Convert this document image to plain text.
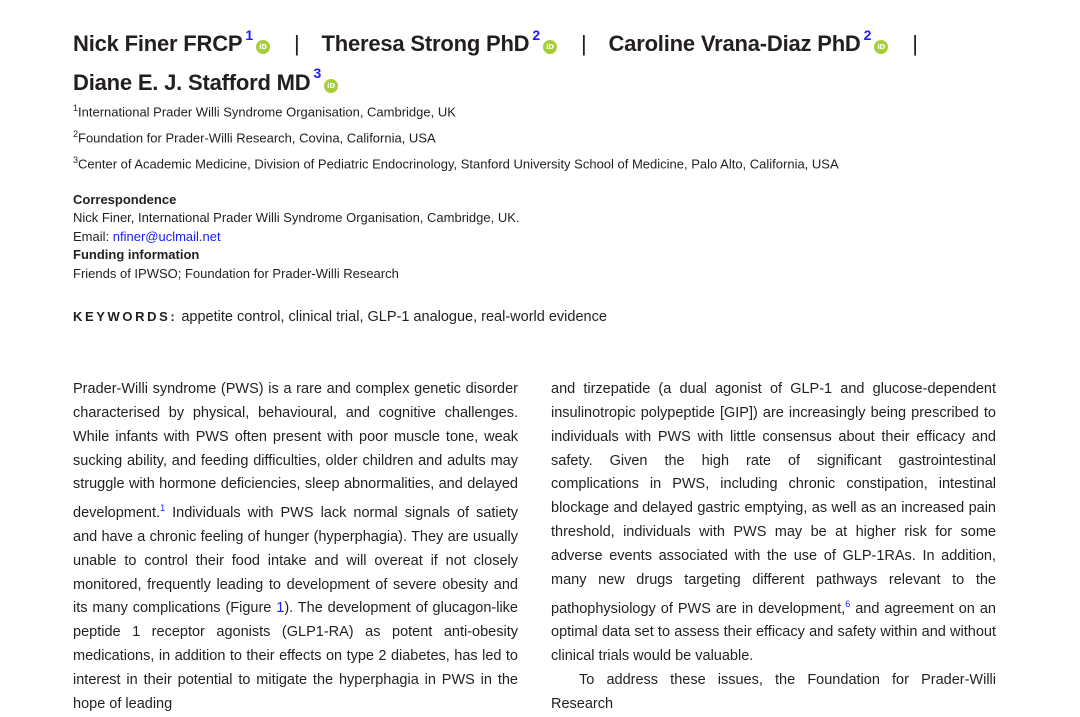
Nick Finer FRCP $^1$iD | Theresa Strong PhD $^2$iD | Caroline Vrana-Diaz PhD $^2$iD |
Diane E. J. Stafford MD $^3$iD
$^1$International Prader Willi Syndrome Organisation, Cambridge, UK
$^2$Foundation for Prader-Willi Research, Covina, California, USA
$^3$Center of Academic Medicine, Division of Pediatric Endocrinology, Stanford University School of Medicine, Palo Alto, California, USA
Correspondence
Nick Finer, International Prader Willi Syndrome Organisation, Cambridge, UK.
Email: nfiner@uclmail.net
Funding information
Friends of IPWSO; Foundation for Prader-Willi Research
KEYWORDS: appetite control, clinical trial, GLP-1 analogue, real-world evidence

Prader-Willi syndrome (PWS) is a rare and complex genetic disorder characterised by physical, behavioural, and cognitive challenges. While infants with PWS often present with poor muscle tone, weak sucking ability, and feeding difficulties, older children and adults may struggle with hormone deficiencies, sleep abnormalities, and delayed development.$^1$ Individuals with PWS lack normal signals of satiety and have a chronic feeling of hunger (hyperphagia). They are usually unable to control their food intake and will overeat if not closely monitored, frequently leading to development of severe obesity and its many complications (Figure 1). The development of glucagon-like peptide 1 receptor agonists (GLP1-RA) as potent anti-obesity medications, in addition to their effects on type 2 diabetes, has led to interest in their potential to mitigate the hyperphagia in PWS in the hope of leading

and tirzepatide (a dual agonist of GLP-1 and glucose-dependent insulinotropic polypeptide [GIP]) are increasingly being prescribed to individuals with PWS with little consensus about their efficacy and safety. Given the high rate of significant gastrointestinal complications in PWS, including chronic constipation, intestinal blockage and delayed gastric emptying, as well as an increased pain threshold, individuals with PWS may be at higher risk for some adverse events associated with the use of GLP-1RAs. In addition, many new drugs targeting different pathways relevant to the pathophysiology of PWS are in development,$^6$ and agreement on an optimal data set to assess their efficacy and safety within and without clinical trials would be valuable.

To address these issues, the Foundation for Prader-Willi Research
